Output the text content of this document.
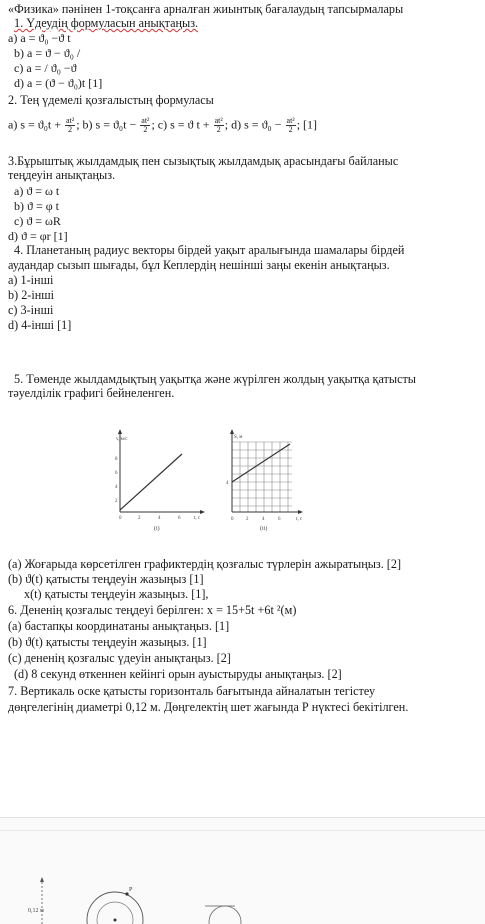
«Физика» пәнінен 1-тоқсанға арналған жиынтық бағалаудың тапсырмалары
1. Үдеудің формуласын анықтаңыз.
a) a = ϑ₀ −ϑ t
b) a = ϑ − ϑ₀ /
c) a = / ϑ₀ −ϑ
d) a = (ϑ − ϑ₀)t [1]
2. Тең үдемелі қозғалыстың формуласы
a) $s = ϑ_0t + \frac{\text{at²}}{2}$ ; b) $s = ϑ_0t - \frac{\text{at²}}{2}$ ; c) s = ϑ $t + \frac{\text{at²}}{2}$ ; d) $s = ϑ_0 - \frac{\text{at²}}{2}$ ; [1]
3.Бұрыштық жылдамдық пен сызықтық жылдамдық арасындағы байланыс
теңдеуін анықтаңыз.
a) ϑ = ω t
b) ϑ = φ t
c) ϑ = ωR
d) ϑ = φr [1]
4. Планетаның радиус векторы бірдей уақыт аралығында шамалары бірдей
аудандар сызып шығады, бұл Кеплердің нешінші заңы екенін анықтаңыз.
a) 1-інші
b) 2-інші
c) 3-інші
d) 4-інші [1]
5. Төменде жылдамдықтың уақытқа және жүрілген жолдың уақытқа қатысты
тәуелділік графигі бейнеленген.
v, м/с
8
6
4
2
0	2	4	6	t, с
(i)
S, м
4
0	2	4	6	t, с
(ii)
(a) Жоғарыда көрсетілген графиктердің қозғалыс түрлерін ажыратыңыз. [2]
(b) ϑ(t) қатысты теңдеуін жазыңыз [1]
x(t) қатысты теңдеуін жазыңыз. [1],
6. Дененің қозғалыс теңдеуі берілген: x = 15+5t +6t ²(м)
(a) бастапқы координатаны анықтаңыз. [1]
(b) ϑ(t) қатысты теңдеуін жазыңыз. [1]
(c) дененің қозғалыс үдеуін анықтаңыз. [2]
(d) 8 секунд өткеннен кейінгі орын ауыстыруды анықтаңыз. [2]
7. Вертикаль оске қатысты горизонталь бағытында айналатын тегістеу
дөңгелегінің диаметрі 0,12 м. Дөңгелектің шет жағында Р нүктесі бекітілген.
0,12 м
P
